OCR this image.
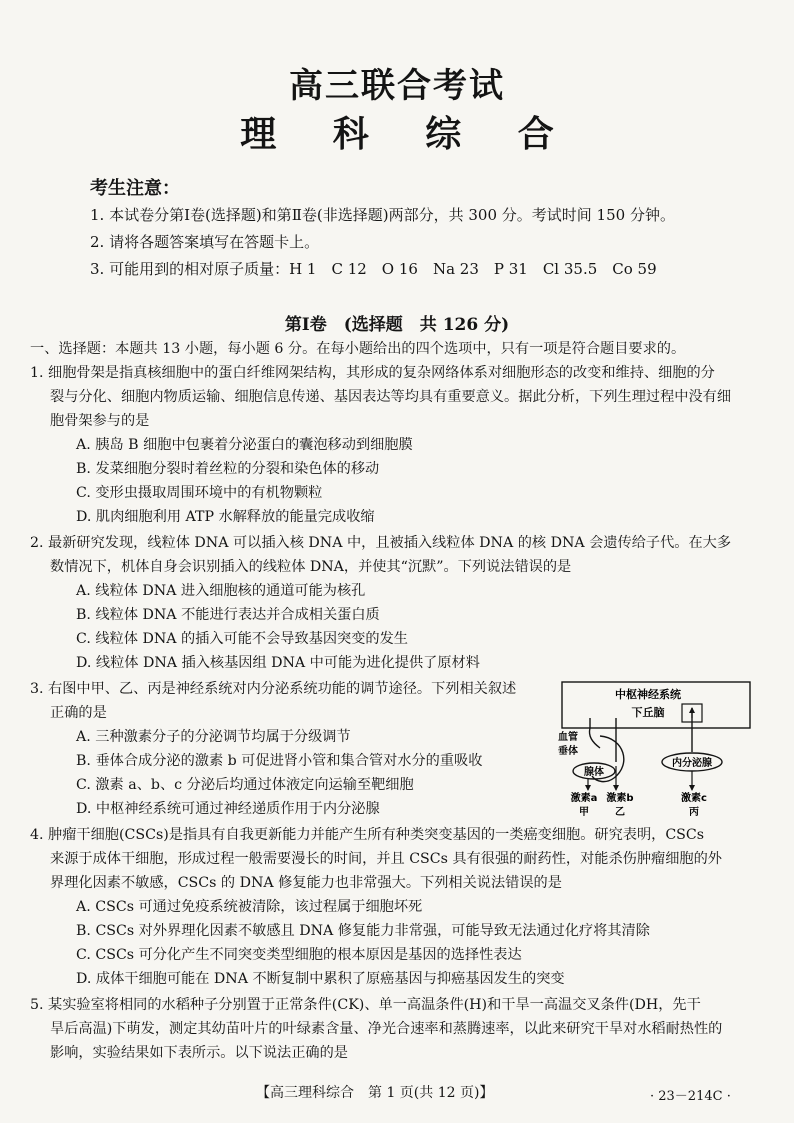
高三联合考试
理 科 综 合
考生注意：
1. 本试卷分第Ⅰ卷(选择题)和第Ⅱ卷(非选择题)两部分，共 300 分。考试时间 150 分钟。
2. 请将各题答案填写在答题卡上。
3. 可能用到的相对原子质量：H 1　C 12　O 16　Na 23　P 31　Cl 35.5　Co 59
第Ⅰ卷　(选择题　共 126 分)
一、选择题：本题共 13 小题，每小题 6 分。在每小题给出的四个选项中，只有一项是符合题目要求的。
1. 细胞骨架是指真核细胞中的蛋白纤维网架结构，其形成的复杂网络体系对细胞形态的改变和维持、细胞的分
裂与分化、细胞内物质运输、细胞信息传递、基因表达等均具有重要意义。据此分析，下列生理过程中没有细
胞骨架参与的是
A. 胰岛 B 细胞中包裹着分泌蛋白的囊泡移动到细胞膜
B. 发菜细胞分裂时着丝粒的分裂和染色体的移动
C. 变形虫摄取周围环境中的有机物颗粒
D. 肌肉细胞利用 ATP 水解释放的能量完成收缩
2. 最新研究发现，线粒体 DNA 可以插入核 DNA 中，且被插入线粒体 DNA 的核 DNA 会遗传给子代。在大多
数情况下，机体自身会识别插入的线粒体 DNA，并使其“沉默”。下列说法错误的是
A. 线粒体 DNA 进入细胞核的通道可能为核孔
B. 线粒体 DNA 不能进行表达并合成相关蛋白质
C. 线粒体 DNA 的插入可能不会导致基因突变的发生
D. 线粒体 DNA 插入核基因组 DNA 中可能为进化提供了原材料
3. 右图中甲、乙、丙是神经系统对内分泌系统功能的调节途径。下列相关叙述
正确的是
A. 三种激素分子的分泌调节均属于分级调节
B. 垂体合成分泌的激素 b 可促进肾小管和集合管对水分的重吸收
C. 激素 a、b、c 分泌后均通过体液定向运输至靶细胞
D. 中枢神经系统可通过神经递质作用于内分泌腺
4. 肿瘤干细胞(CSCs)是指具有自我更新能力并能产生所有种类突变基因的一类癌变细胞。研究表明，CSCs
来源于成体干细胞，形成过程一般需要漫长的时间，并且 CSCs 具有很强的耐药性，对能杀伤肿瘤细胞的外
界理化因素不敏感，CSCs 的 DNA 修复能力也非常强大。下列相关说法错误的是
A. CSCs 可通过免疫系统被清除，该过程属于细胞坏死
B. CSCs 对外界理化因素不敏感且 DNA 修复能力非常强，可能导致无法通过化疗将其清除
C. CSCs 可分化产生不同突变类型细胞的根本原因是基因的选择性表达
D. 成体干细胞可能在 DNA 不断复制中累积了原癌基因与抑癌基因发生的突变
5. 某实验室将相同的水稻种子分别置于正常条件(CK)、单一高温条件(H)和干旱一高温交叉条件(DH，先干
旱后高温)下萌发，测定其幼苗叶片的叶绿素含量、净光合速率和蒸腾速率，以此来研究干旱对水稻耐热性的
影响，实验结果如下表所示。以下说法正确的是
中枢神经系统
下丘脑
血管
垂体
腺体
内分泌腺
激素a
甲
激素b
乙
激素c
丙
【高三理科综合　第 1 页(共 12 页)】	· 23－214C ·
